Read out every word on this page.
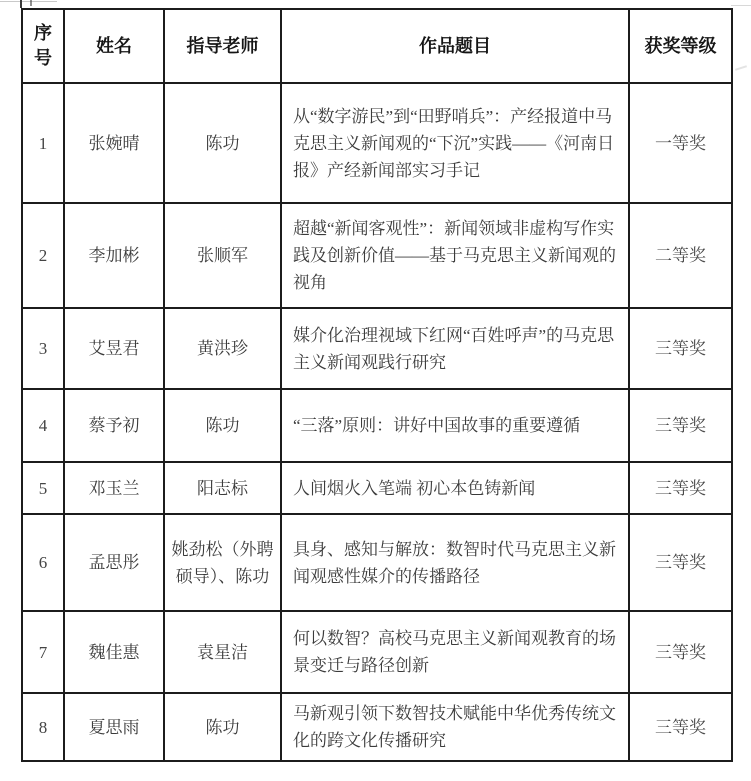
序号	姓名	指导老师	作品题目	获奖等级
1	张婉晴	陈功	从“数字游民”到“田野哨兵”：产经报道中马克思主义新闻观的“下沉”实践——《河南日报》产经新闻部实习手记	一等奖
2	李加彬	张顺军	超越“新闻客观性”：新闻领域非虚构写作实践及创新价值——基于马克思主义新闻观的视角	二等奖
3	艾昱君	黄洪珍	媒介化治理视域下红网“百姓呼声”的马克思主义新闻观践行研究	三等奖
4	蔡予初	陈功	“三落”原则：讲好中国故事的重要遵循	三等奖
5	邓玉兰	阳志标	人间烟火入笔端 初心本色铸新闻	三等奖
6	孟思彤	姚劲松（外聘硕导）、陈功	具身、感知与解放：数智时代马克思主义新闻观感性媒介的传播路径	三等奖
7	魏佳惠	袁星洁	何以数智？高校马克思主义新闻观教育的场景变迁与路径创新	三等奖
8	夏思雨	陈功	马新观引领下数智技术赋能中华优秀传统文化的跨文化传播研究	三等奖
